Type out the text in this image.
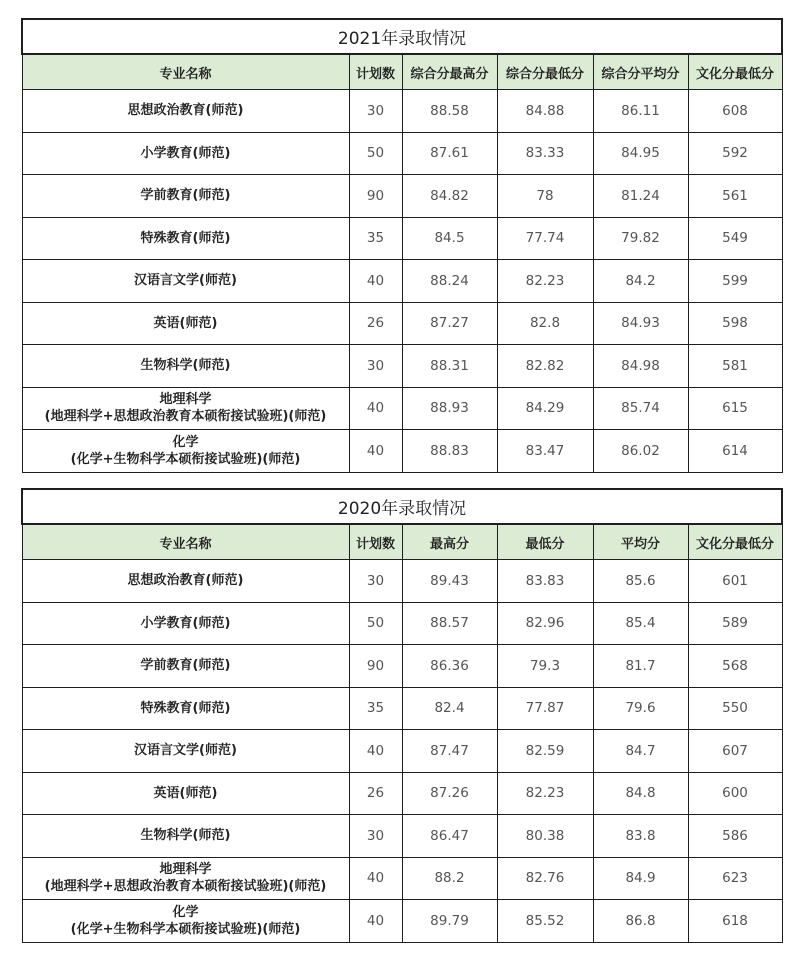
2021年录取情况					
专业名称	计划数	综合分最高分	综合分最低分	综合分平均分	文化分最低分

思想政治教育(师范)	30	88.58	84.88	86.11	608

小学教育(师范)	50	87.61	83.33	84.95	592

学前教育(师范)	90	84.82	78	81.24	561

特殊教育(师范)	35	84.5	77.74	79.82	549

汉语言文学(师范)	40	88.24	82.23	84.2	599

英语(师范)	26	87.27	82.8	84.93	598

生物科学(师范)	30	88.31	82.82	84.98	581

地理科学
(地理科学+思想政治教育本硕衔接试验班)(师范)	40	88.93	84.29	85.74	615

化学
(化学+生物科学本硕衔接试验班)(师范)	40	88.83	83.47	86.02	614
2020年录取情况					
专业名称	计划数	最高分	最低分	平均分	文化分最低分

思想政治教育(师范)	30	89.43	83.83	85.6	601

小学教育(师范)	50	88.57	82.96	85.4	589

学前教育(师范)	90	86.36	79.3	81.7	568

特殊教育(师范)	35	82.4	77.87	79.6	550

汉语言文学(师范)	40	87.47	82.59	84.7	607

英语(师范)	26	87.26	82.23	84.8	600

生物科学(师范)	30	86.47	80.38	83.8	586

地理科学
(地理科学+思想政治教育本硕衔接试验班)(师范)	40	88.2	82.76	84.9	623

化学
(化学+生物科学本硕衔接试验班)(师范)	40	89.79	85.52	86.8	618
